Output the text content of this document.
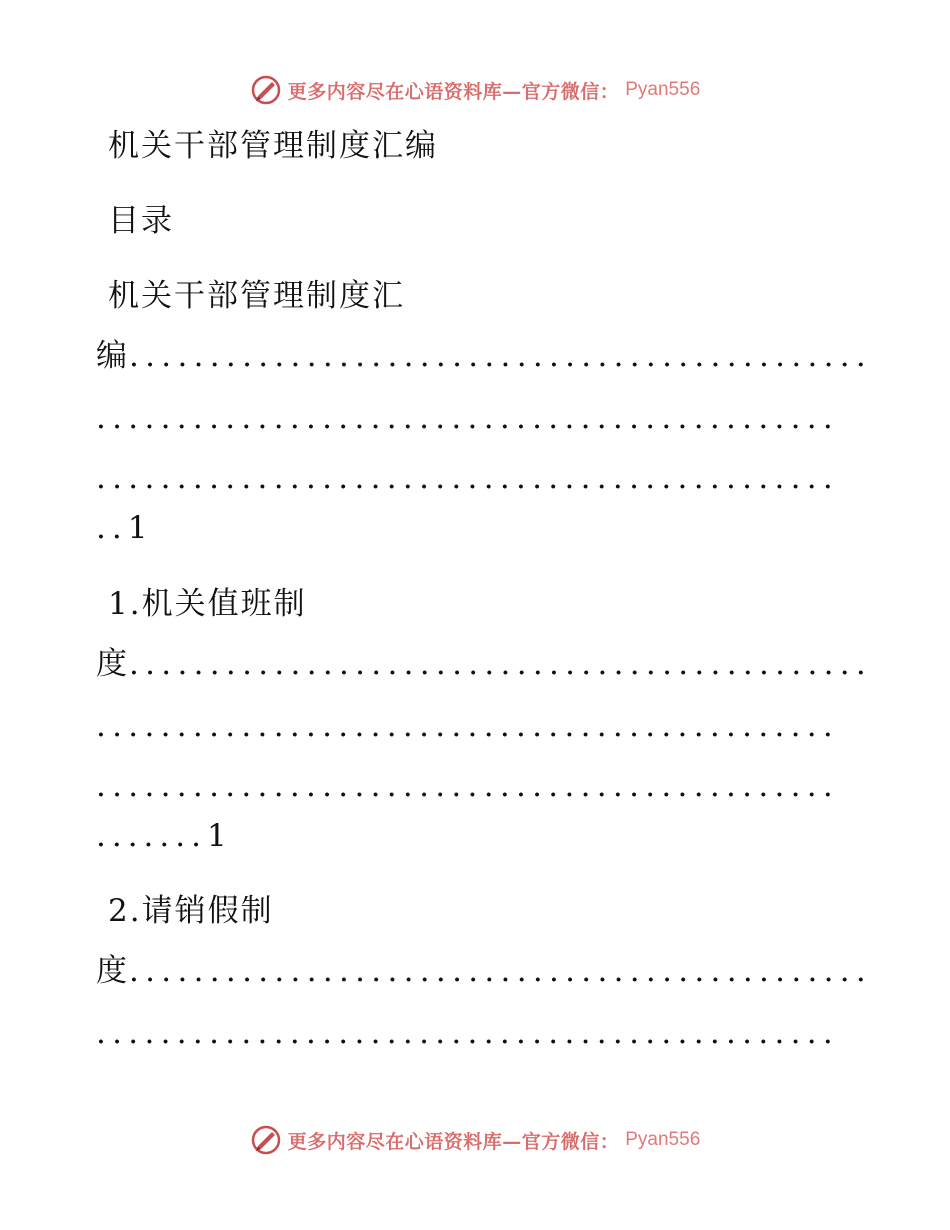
更多内容尽在心语资料库—官方微信： Pyan556
机关干部管理制度汇编
目录
机关干部管理制度汇
编..............................................
..............................................
..............................................
..1
1.机关值班制
度..............................................
..............................................
..............................................
.......1
2.请销假制
度..............................................
..............................................
更多内容尽在心语资料库—官方微信： Pyan556
